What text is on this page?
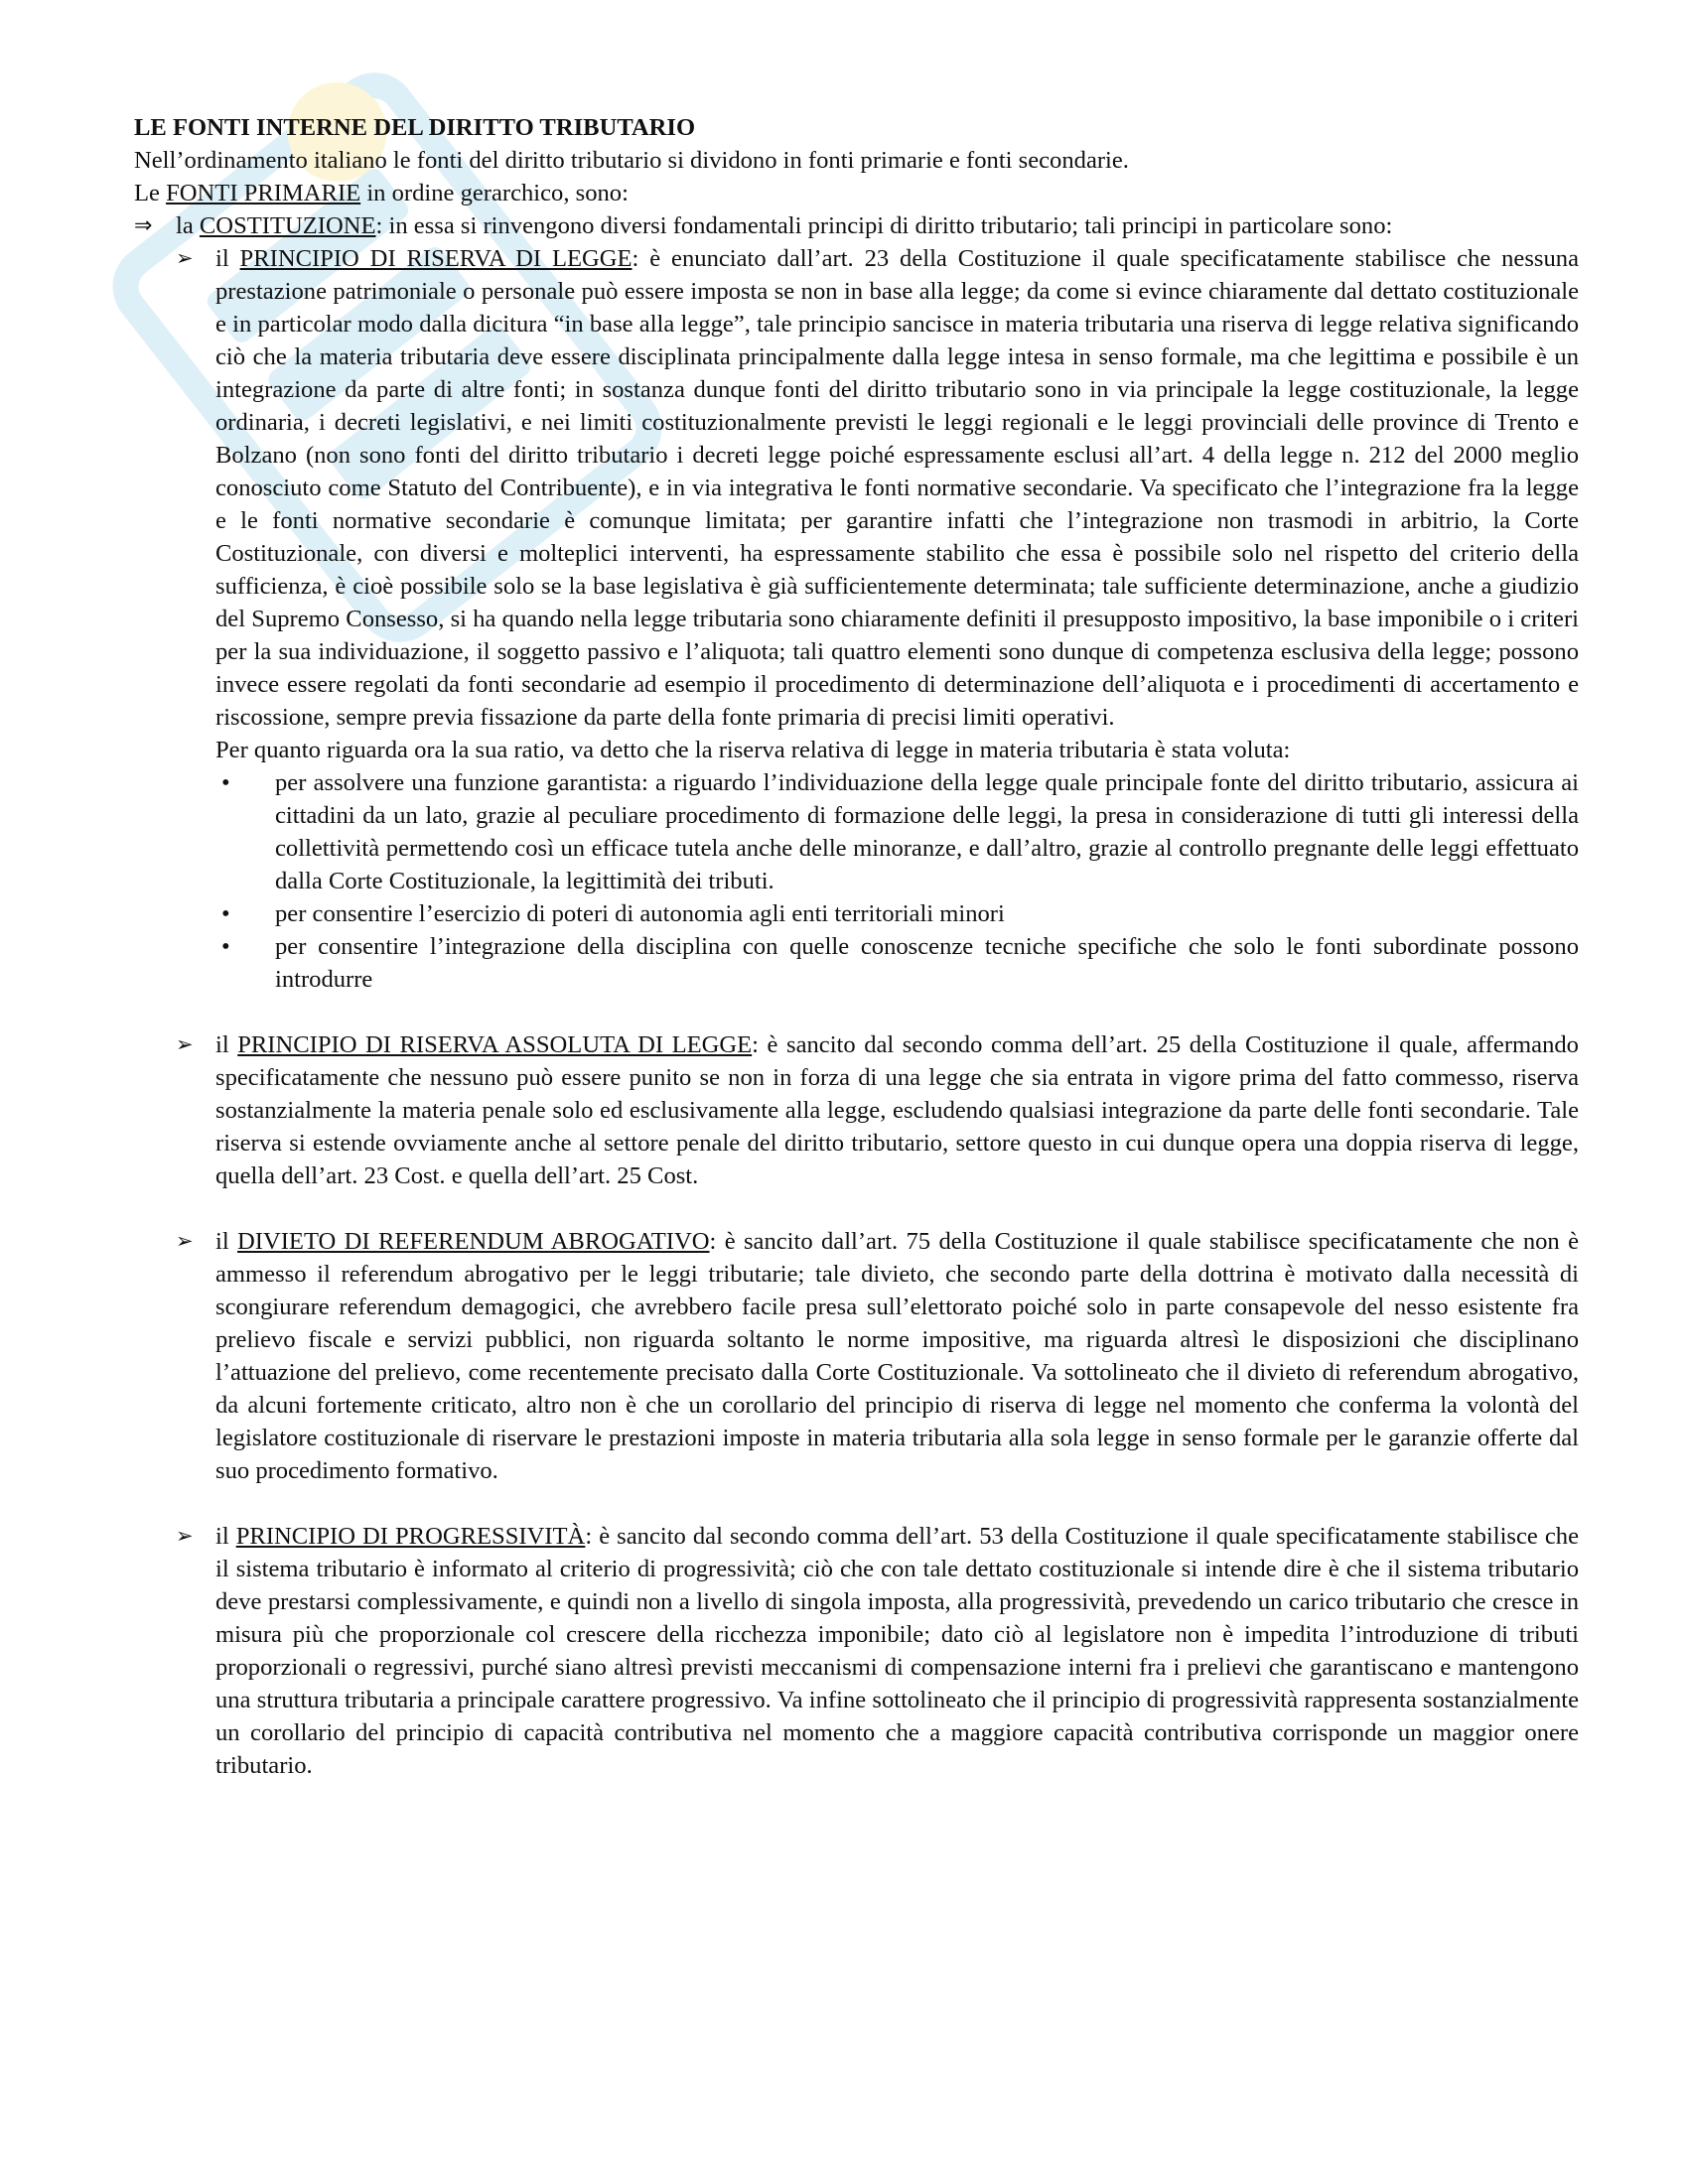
LE FONTI INTERNE DEL DIRITTO TRIBUTARIO

Nell’ordinamento italiano le fonti del diritto tributario si dividono in fonti primarie e fonti secondarie.

Le FONTI PRIMARIE in ordine gerarchico, sono:

⇒ la COSTITUZIONE: in essa si rinvengono diversi fondamentali principi di diritto tributario; tali principi in particolare sono:
➢ il PRINCIPIO DI RISERVA DI LEGGE: è enunciato dall’art. 23 della Costituzione il quale specificatamente stabilisce che nessuna prestazione patrimoniale o personale può essere imposta se non in base alla legge; da come si evince chiaramente dal dettato costituzionale e in particolar modo dalla dicitura “in base alla legge”, tale principio sancisce in materia tributaria una riserva di legge relativa significando ciò che la materia tributaria deve essere disciplinata principalmente dalla legge intesa in senso formale, ma che legittima e possibile è un integrazione da parte di altre fonti; in sostanza dunque fonti del diritto tributario sono in via principale la legge costituzionale, la legge ordinaria, i decreti legislativi, e nei limiti costituzionalmente previsti le leggi regionali e le leggi provinciali delle province di Trento e Bolzano (non sono fonti del diritto tributario i decreti legge poiché espressamente esclusi all’art. 4 della legge n. 212 del 2000 meglio conosciuto come Statuto del Contribuente), e in via integrativa le fonti normative secondarie. Va specificato che l’integrazione fra la legge e le fonti normative secondarie è comunque limitata; per garantire infatti che l’integrazione non trasmodi in arbitrio, la Corte Costituzionale, con diversi e molteplici interventi, ha espressamente stabilito che essa è possibile solo nel rispetto del criterio della sufficienza, è cioè possibile solo se la base legislativa è già sufficientemente determinata; tale sufficiente determinazione, anche a giudizio del Supremo Consesso, si ha quando nella legge tributaria sono chiaramente definiti il presupposto impositivo, la base imponibile o i criteri per la sua individuazione, il soggetto passivo e l’aliquota; tali quattro elementi sono dunque di competenza esclusiva della legge; possono invece essere regolati da fonti secondarie ad esempio il procedimento di determinazione dell’aliquota e i procedimenti di accertamento e riscossione, sempre previa fissazione da parte della fonte primaria di precisi limiti operativi.

Per quanto riguarda ora la sua ratio, va detto che la riserva relativa di legge in materia tributaria è stata voluta:

•	per assolvere una funzione garantista: a riguardo l’individuazione della legge quale principale fonte del diritto tributario, assicura ai cittadini da un lato, grazie al peculiare procedimento di formazione delle leggi, la presa in considerazione di tutti gli interessi della collettività permettendo così un efficace tutela anche delle minoranze, e dall’altro, grazie al controllo pregnante delle leggi effettuato dalla Corte Costituzionale, la legittimità dei tributi.
•	per consentire l’esercizio di poteri di autonomia agli enti territoriali minori
•	per consentire l’integrazione della disciplina con quelle conoscenze tecniche specifiche che solo le fonti subordinate possono introdurre
➢ il PRINCIPIO DI RISERVA ASSOLUTA DI LEGGE: è sancito dal secondo comma dell’art. 25 della Costituzione il quale, affermando specificatamente che nessuno può essere punito se non in forza di una legge che sia entrata in vigore prima del fatto commesso, riserva sostanzialmente la materia penale solo ed esclusivamente alla legge, escludendo qualsiasi integrazione da parte delle fonti secondarie. Tale riserva si estende ovviamente anche al settore penale del diritto tributario, settore questo in cui dunque opera una doppia riserva di legge, quella dell’art. 23 Cost. e quella dell’art. 25 Cost.
➢ il DIVIETO DI REFERENDUM ABROGATIVO: è sancito dall’art. 75 della Costituzione il quale stabilisce specificatamente che non è ammesso il referendum abrogativo per le leggi tributarie; tale divieto, che secondo parte della dottrina è motivato dalla necessità di scongiurare referendum demagogici, che avrebbero facile presa sull’elettorato poiché solo in parte consapevole del nesso esistente fra prelievo fiscale e servizi pubblici, non riguarda soltanto le norme impositive, ma riguarda altresì le disposizioni che disciplinano l’attuazione del prelievo, come recentemente precisato dalla Corte Costituzionale. Va sottolineato che il divieto di referendum abrogativo, da alcuni fortemente criticato, altro non è che un corollario del principio di riserva di legge nel momento che conferma la volontà del legislatore costituzionale di riservare le prestazioni imposte in materia tributaria alla sola legge in senso formale per le garanzie offerte dal suo procedimento formativo.
➢ il PRINCIPIO DI PROGRESSIVITÀ: è sancito dal secondo comma dell’art. 53 della Costituzione il quale specificatamente stabilisce che il sistema tributario è informato al criterio di progressività; ciò che con tale dettato costituzionale si intende dire è che il sistema tributario deve prestarsi complessivamente, e quindi non a livello di singola imposta, alla progressività, prevedendo un carico tributario che cresce in misura più che proporzionale col crescere della ricchezza imponibile; dato ciò al legislatore non è impedita l’introduzione di tributi proporzionali o regressivi, purché siano altresì previsti meccanismi di compensazione interni fra i prelievi che garantiscano e mantengono una struttura tributaria a principale carattere progressivo. Va infine sottolineato che il principio di progressività rappresenta sostanzialmente un corollario del principio di capacità contributiva nel momento che a maggiore capacità contributiva corrisponde un maggior onere tributario.
